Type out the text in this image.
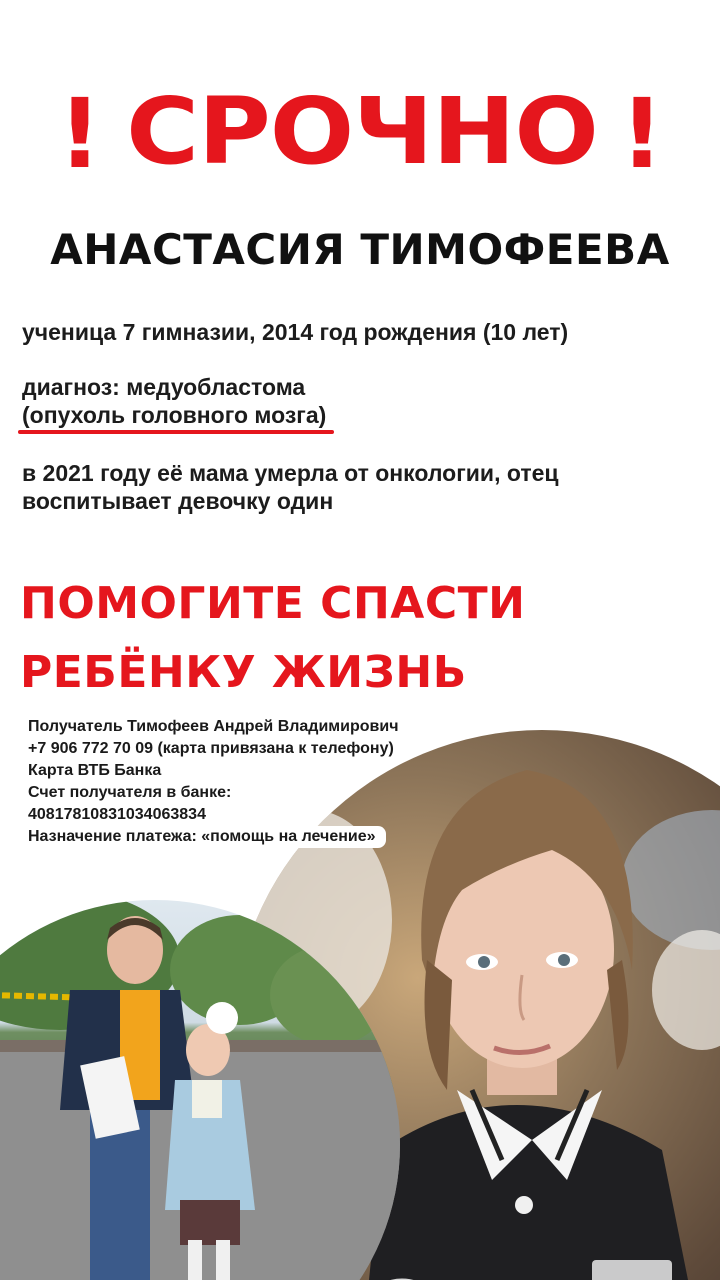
! СРОЧНО !
АНАСТАСИЯ ТИМОФЕЕВА
ученица 7 гимназии, 2014 год рождения (10 лет)
диагноз: медуобластома
(опухоль головного мозга)
в 2021 году её мама умерла от онкологии, отец
воспитывает девочку один
ПОМОГИТЕ СПАСТИ
РЕБЁНКУ ЖИЗНЬ
Получатель Тимофеев Андрей Владимирович
+7 906 772 70 09 (карта привязана к телефону)
Карта ВТБ Банка
Счет получателя в банке:
40817810831034063834
Назначение платежа: «помощь на лечение»
